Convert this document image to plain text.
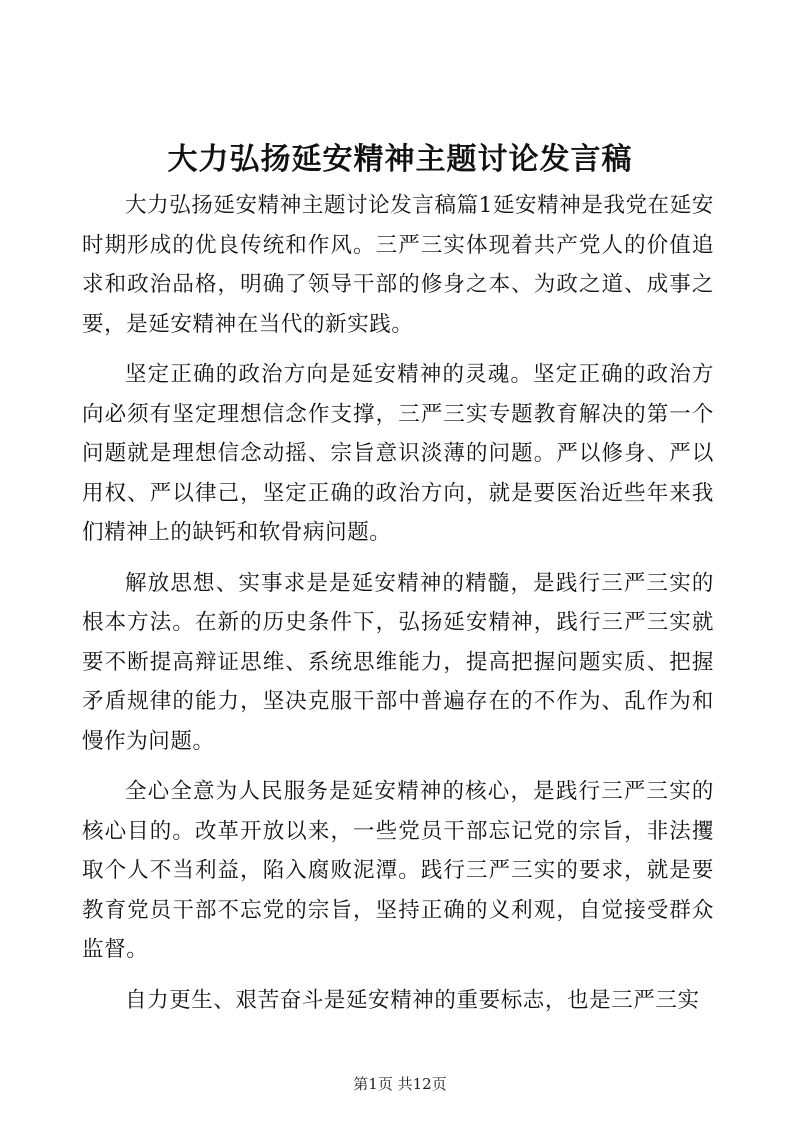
大力弘扬延安精神主题讨论发言稿

大力弘扬延安精神主题讨论发言稿篇1延安精神是我党在延安时期形成的优良传统和作风。三严三实体现着共产党人的价值追求和政治品格，明确了领导干部的修身之本、为政之道、成事之要，是延安精神在当代的新实践。

坚定正确的政治方向是延安精神的灵魂。坚定正确的政治方向必须有坚定理想信念作支撑，三严三实专题教育解决的第一个问题就是理想信念动摇、宗旨意识淡薄的问题。严以修身、严以用权、严以律己，坚定正确的政治方向，就是要医治近些年来我们精神上的缺钙和软骨病问题。

解放思想、实事求是是延安精神的精髓，是践行三严三实的根本方法。在新的历史条件下，弘扬延安精神，践行三严三实就要不断提高辩证思维、系统思维能力，提高把握问题实质、把握矛盾规律的能力，坚决克服干部中普遍存在的不作为、乱作为和慢作为问题。

全心全意为人民服务是延安精神的核心，是践行三严三实的核心目的。改革开放以来，一些党员干部忘记党的宗旨，非法攫取个人不当利益，陷入腐败泥潭。践行三严三实的要求，就是要教育党员干部不忘党的宗旨，坚持正确的义利观，自觉接受群众监督。

自力更生、艰苦奋斗是延安精神的重要标志，也是三严三实

第1页 共12页
